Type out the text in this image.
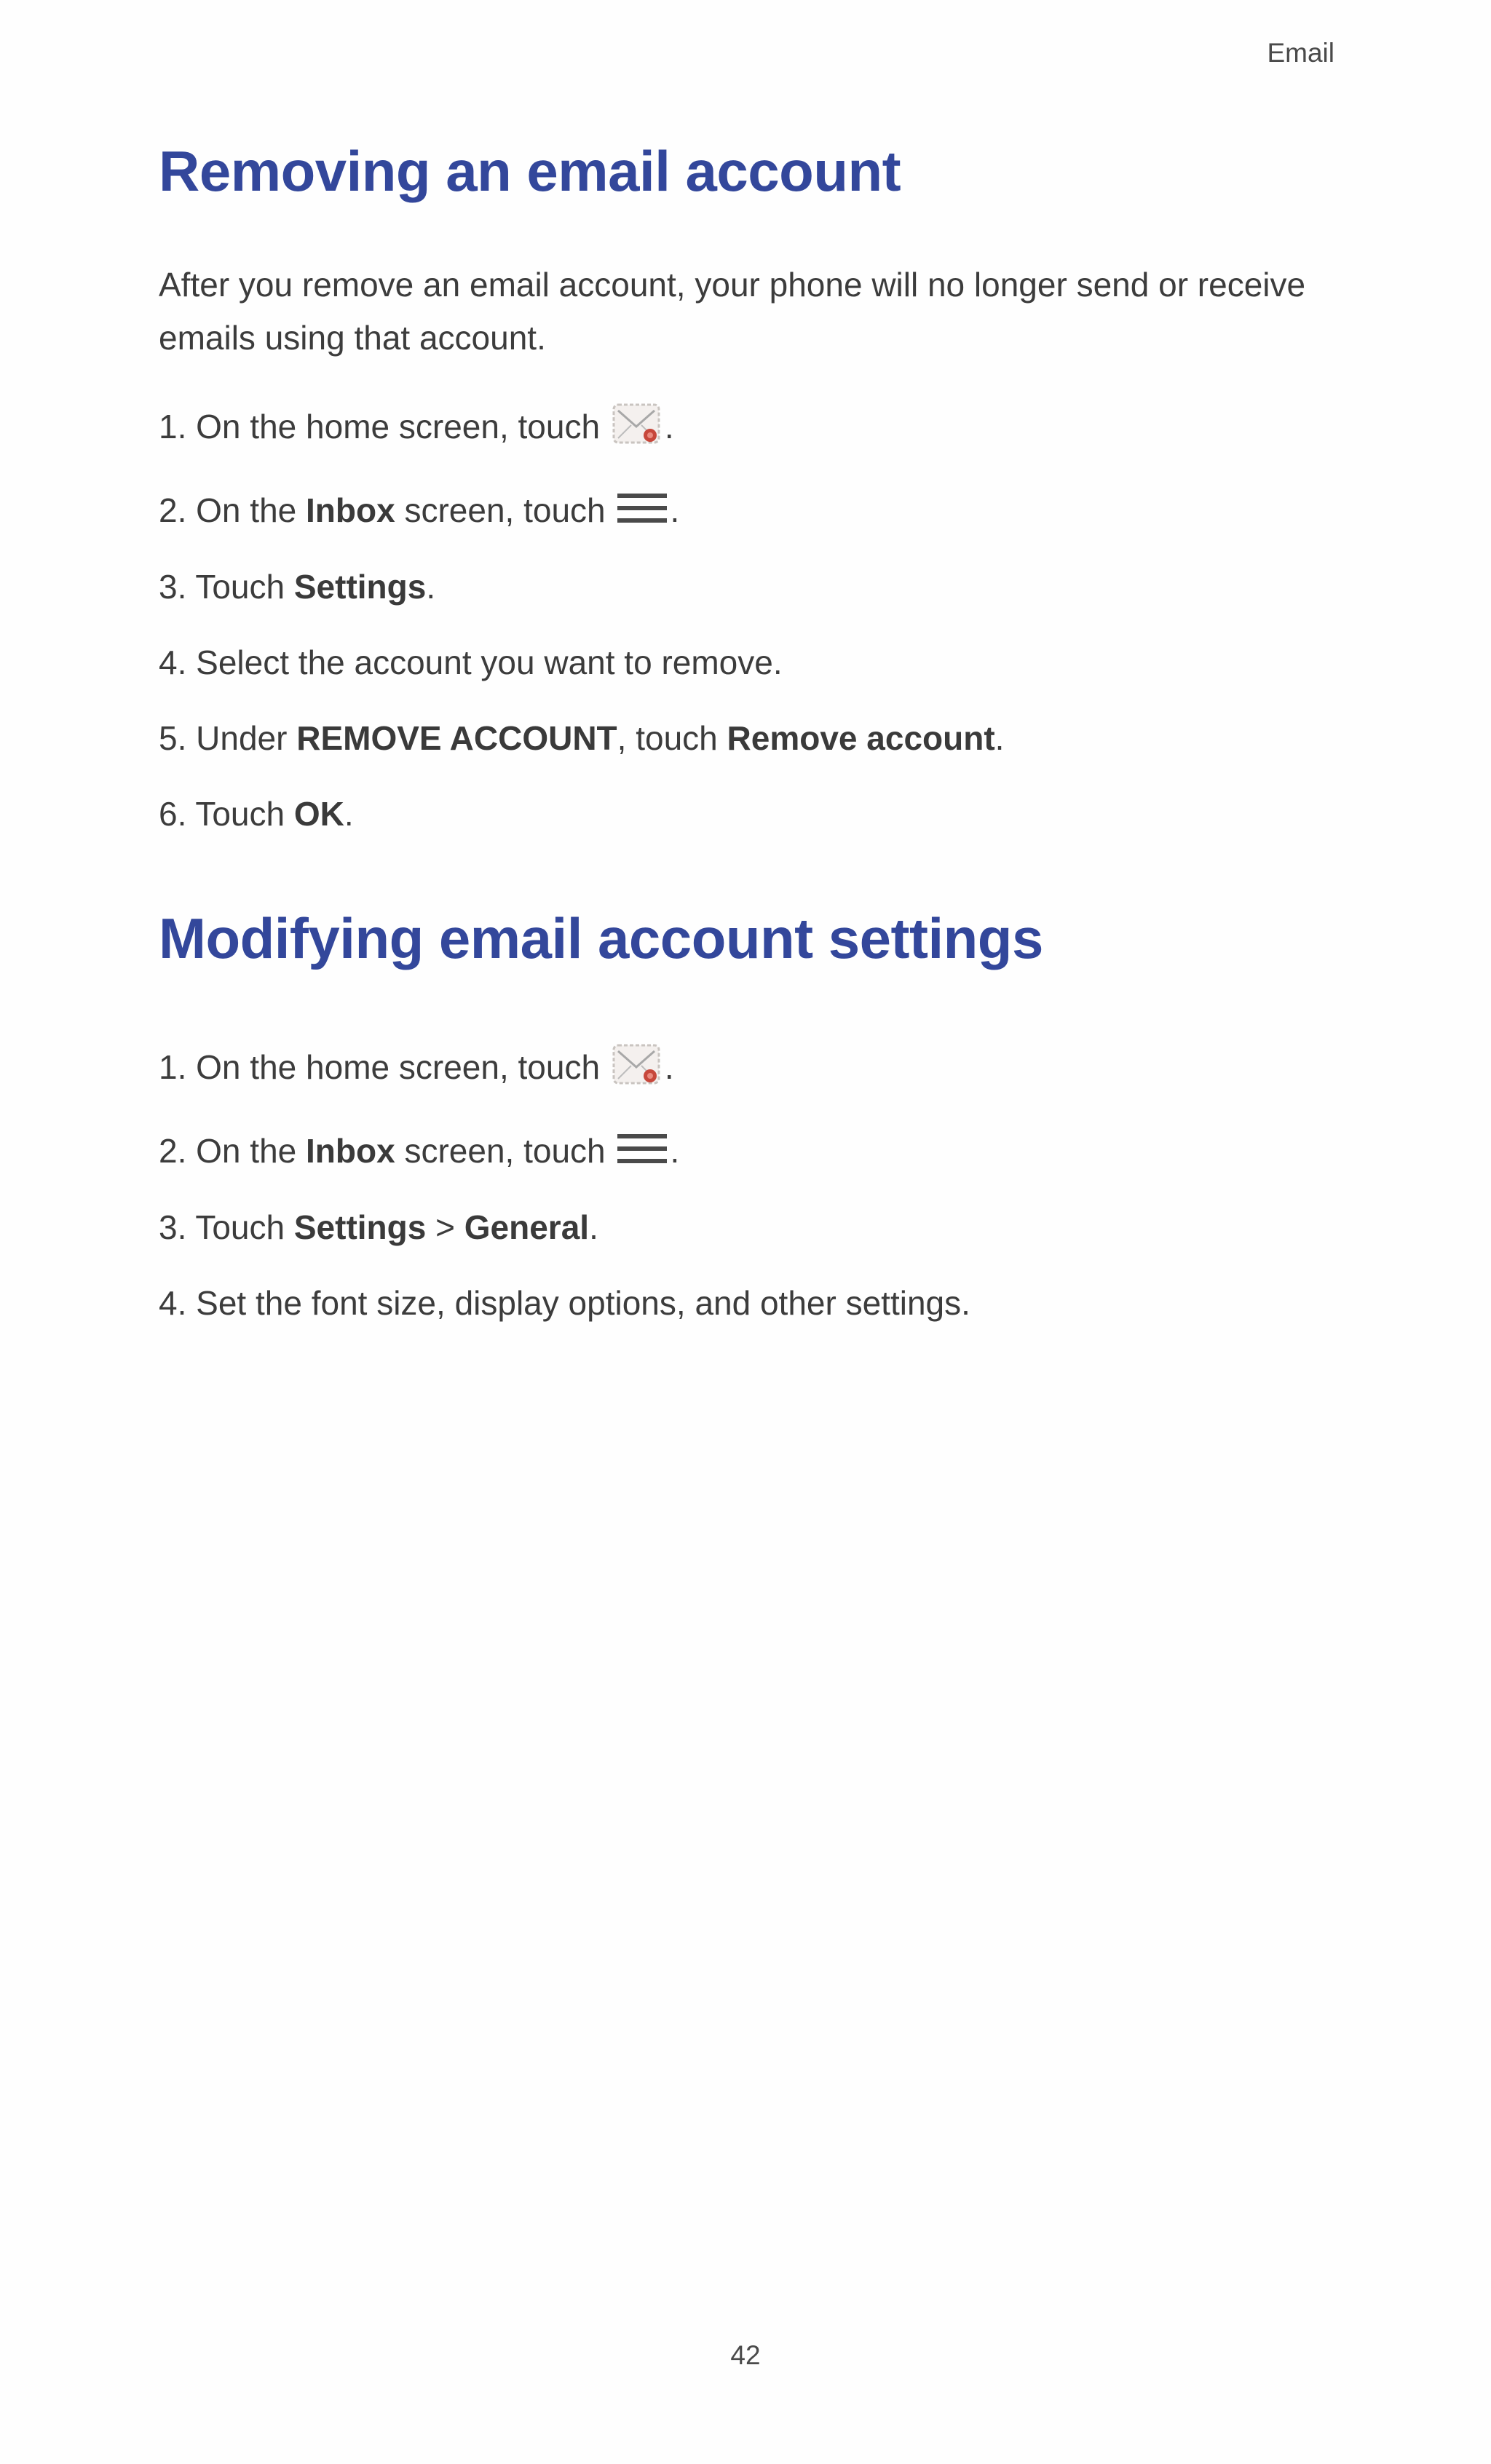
Email
Removing an email account

After you remove an email account, your phone will no longer send or receive emails using that account.

1. On the home screen, touch .
2. On the Inbox screen, touch .
3. Touch Settings.
4. Select the account you want to remove.
5. Under REMOVE ACCOUNT, touch Remove account.
6. Touch OK.
Modifying email account settings
1. On the home screen, touch .
2. On the Inbox screen, touch .
3. Touch Settings > General.
4. Set the font size, display options, and other settings.
42
